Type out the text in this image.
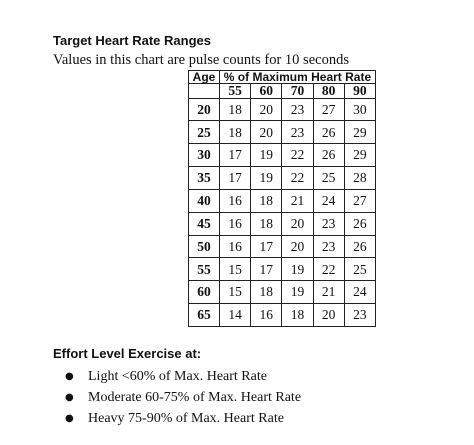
Target Heart Rate Ranges
Values in this chart are pulse counts for 10 seconds
Age	% of Maximum Heart Rate				
	55	60	70	80	90
20	18	20	23	27	30
25	18	20	23	26	29
30	17	19	22	26	29
35	17	19	22	25	28
40	16	18	21	24	27
45	16	18	20	23	26
50	16	17	20	23	26
55	15	17	19	22	25
60	15	18	19	21	24
65	14	16	18	20	23
Effort Level Exercise at:
● Light <60% of Max. Heart Rate
● Moderate 60-75% of Max. Heart Rate
● Heavy 75-90% of Max. Heart Rate
